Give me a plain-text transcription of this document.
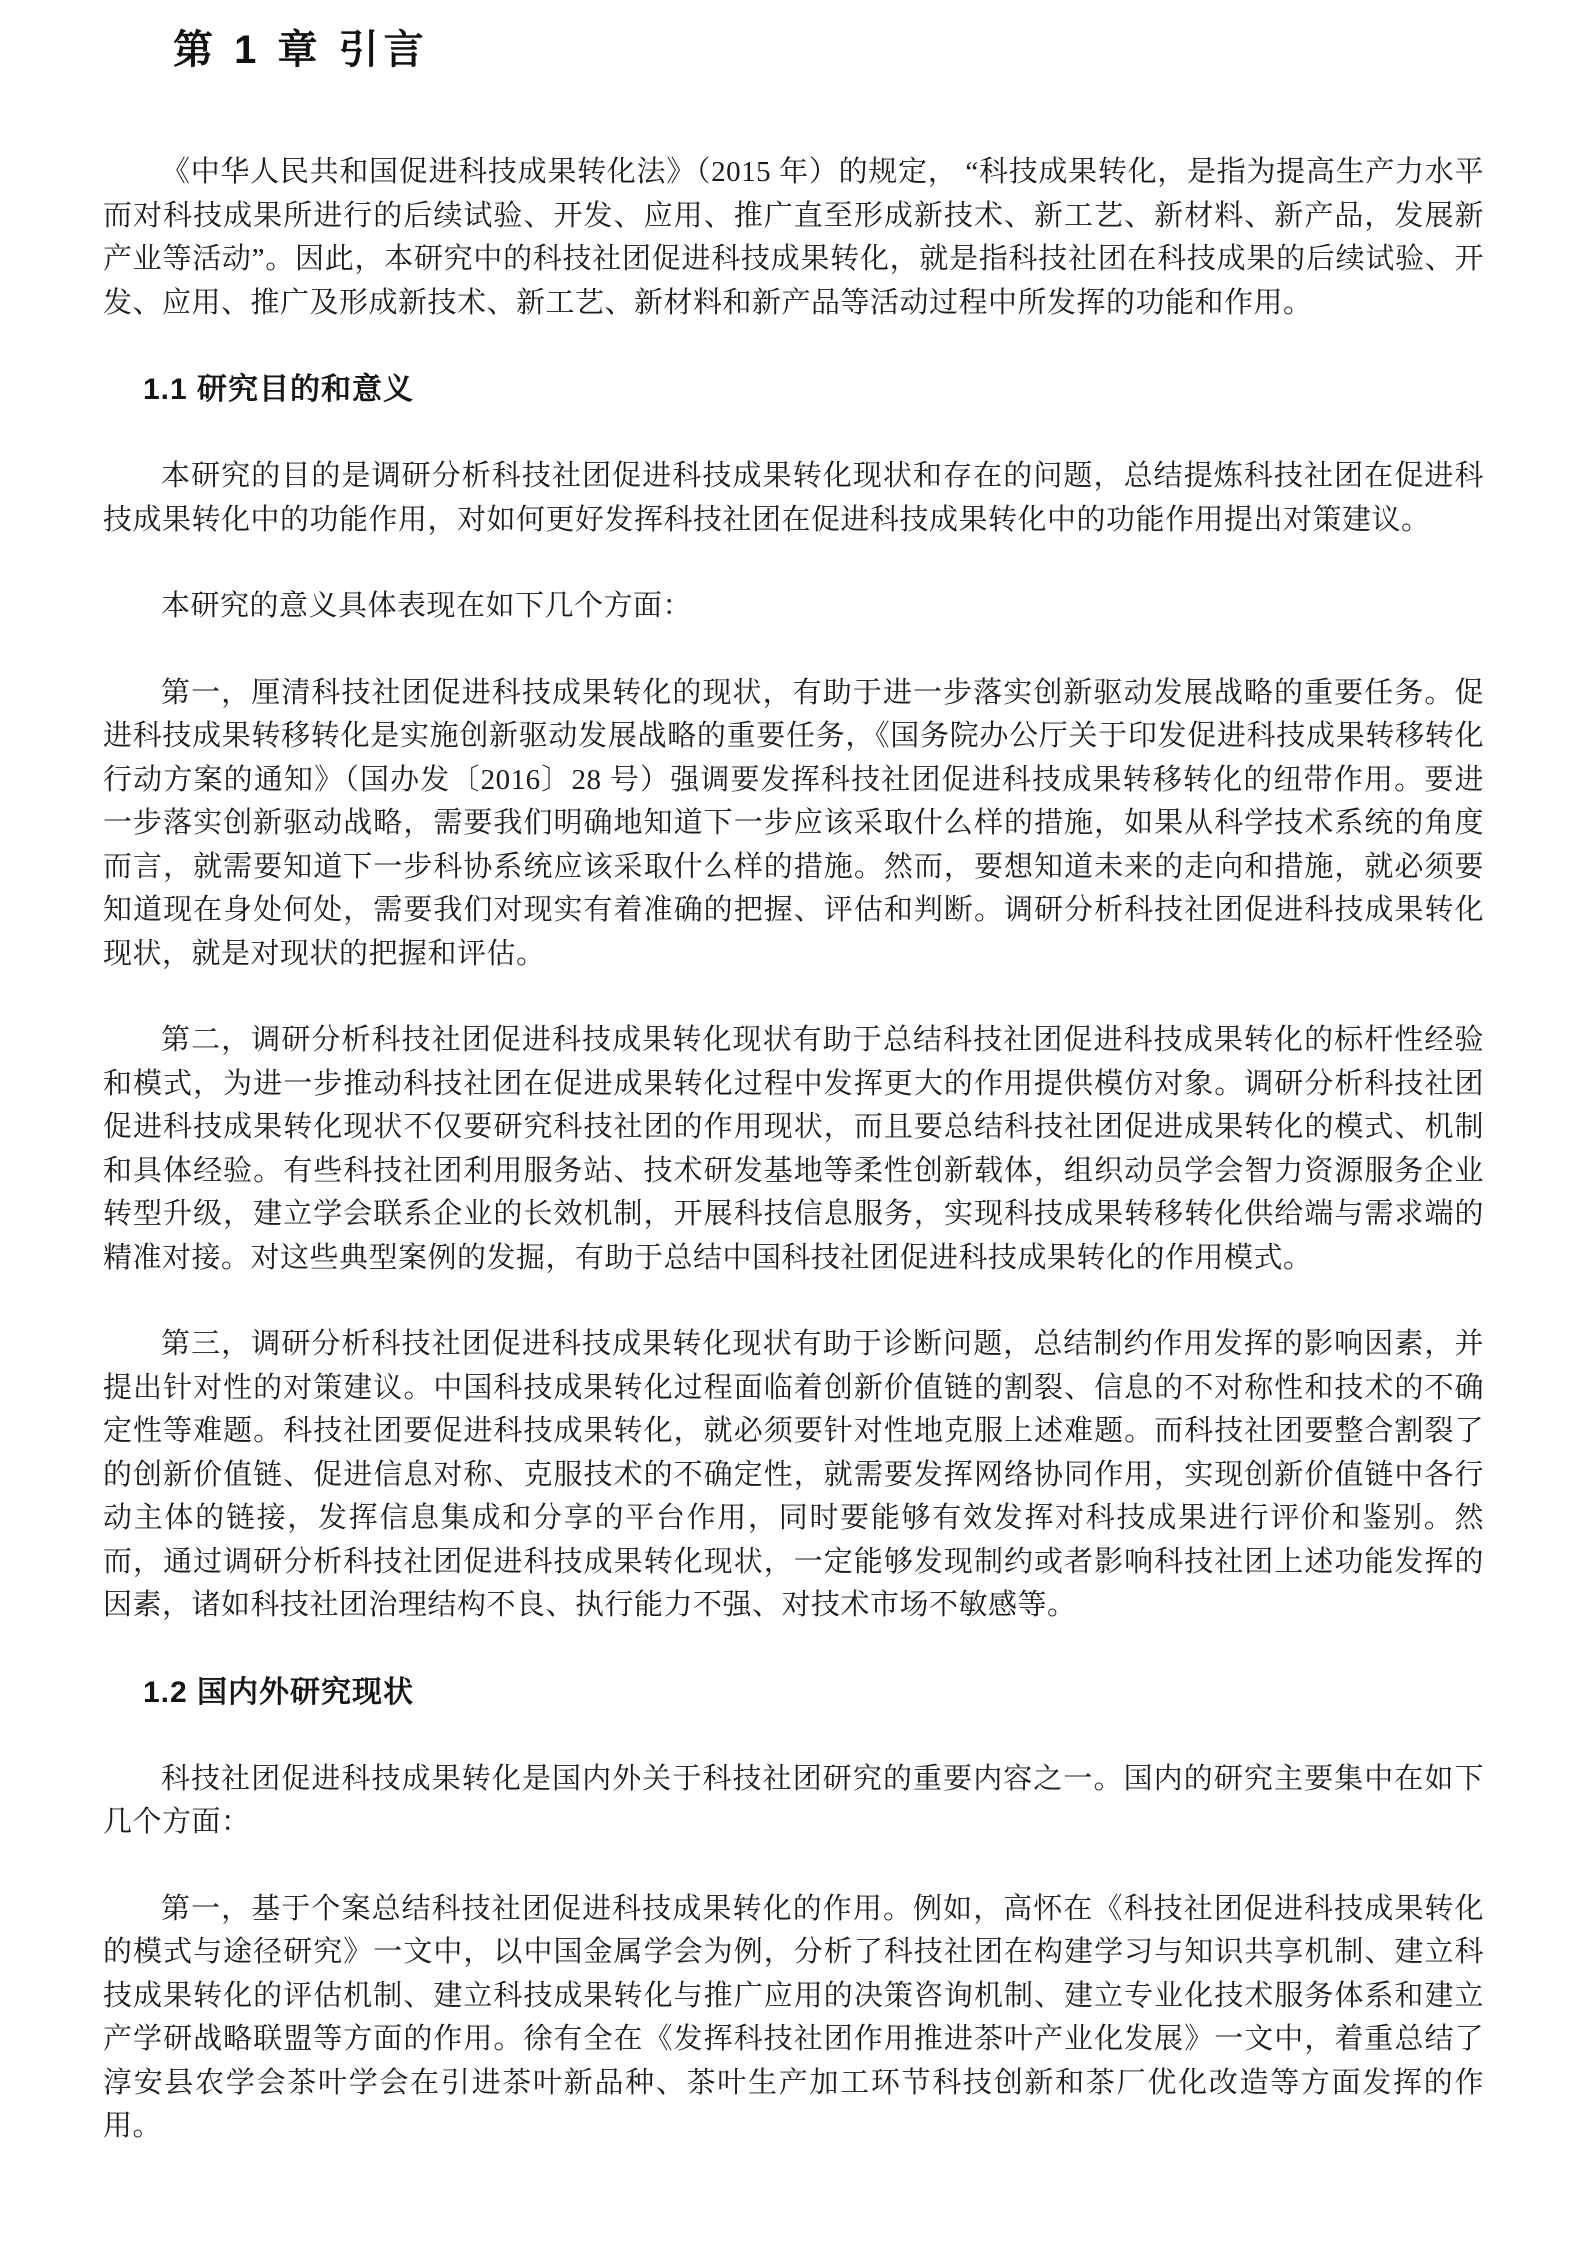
第 1 章 引言

《中华人民共和国促进科技成果转化法》（2015 年）的规定， “科技成果转化，是指为提高生产力水平而对科技成果所进行的后续试验、开发、应用、推广直至形成新技术、新工艺、新材料、新产品，发展新产业等活动”。因此，本研究中的科技社团促进科技成果转化，就是指科技社团在科技成果的后续试验、开发、应用、推广及形成新技术、新工艺、新材料和新产品等活动过程中所发挥的功能和作用。

1.1 研究目的和意义

本研究的目的是调研分析科技社团促进科技成果转化现状和存在的问题，总结提炼科技社团在促进科技成果转化中的功能作用，对如何更好发挥科技社团在促进科技成果转化中的功能作用提出对策建议。

本研究的意义具体表现在如下几个方面：

第一，厘清科技社团促进科技成果转化的现状，有助于进一步落实创新驱动发展战略的重要任务。促进科技成果转移转化是实施创新驱动发展战略的重要任务，《国务院办公厅关于印发促进科技成果转移转化行动方案的通知》（国办发〔2016〕28 号）强调要发挥科技社团促进科技成果转移转化的纽带作用。要进一步落实创新驱动战略，需要我们明确地知道下一步应该采取什么样的措施，如果从科学技术系统的角度而言，就需要知道下一步科协系统应该采取什么样的措施。然而，要想知道未来的走向和措施，就必须要知道现在身处何处，需要我们对现实有着准确的把握、评估和判断。调研分析科技社团促进科技成果转化现状，就是对现状的把握和评估。

第二，调研分析科技社团促进科技成果转化现状有助于总结科技社团促进科技成果转化的标杆性经验和模式，为进一步推动科技社团在促进成果转化过程中发挥更大的作用提供模仿对象。调研分析科技社团促进科技成果转化现状不仅要研究科技社团的作用现状，而且要总结科技社团促进成果转化的模式、机制和具体经验。有些科技社团利用服务站、技术研发基地等柔性创新载体，组织动员学会智力资源服务企业转型升级，建立学会联系企业的长效机制，开展科技信息服务，实现科技成果转移转化供给端与需求端的精准对接。对这些典型案例的发掘，有助于总结中国科技社团促进科技成果转化的作用模式。

第三，调研分析科技社团促进科技成果转化现状有助于诊断问题，总结制约作用发挥的影响因素，并提出针对性的对策建议。中国科技成果转化过程面临着创新价值链的割裂、信息的不对称性和技术的不确定性等难题。科技社团要促进科技成果转化，就必须要针对性地克服上述难题。而科技社团要整合割裂了的创新价值链、促进信息对称、克服技术的不确定性，就需要发挥网络协同作用，实现创新价值链中各行动主体的链接，发挥信息集成和分享的平台作用，同时要能够有效发挥对科技成果进行评价和鉴别。然而，通过调研分析科技社团促进科技成果转化现状，一定能够发现制约或者影响科技社团上述功能发挥的因素，诸如科技社团治理结构不良、执行能力不强、对技术市场不敏感等。

1.2 国内外研究现状

科技社团促进科技成果转化是国内外关于科技社团研究的重要内容之一。国内的研究主要集中在如下几个方面：

第一，基于个案总结科技社团促进科技成果转化的作用。例如，高怀在《科技社团促进科技成果转化的模式与途径研究》一文中，以中国金属学会为例，分析了科技社团在构建学习与知识共享机制、建立科技成果转化的评估机制、建立科技成果转化与推广应用的决策咨询机制、建立专业化技术服务体系和建立产学研战略联盟等方面的作用。徐有全在《发挥科技社团作用推进茶叶产业化发展》一文中，着重总结了淳安县农学会茶叶学会在引进茶叶新品种、茶叶生产加工环节科技创新和茶厂优化改造等方面发挥的作用。
